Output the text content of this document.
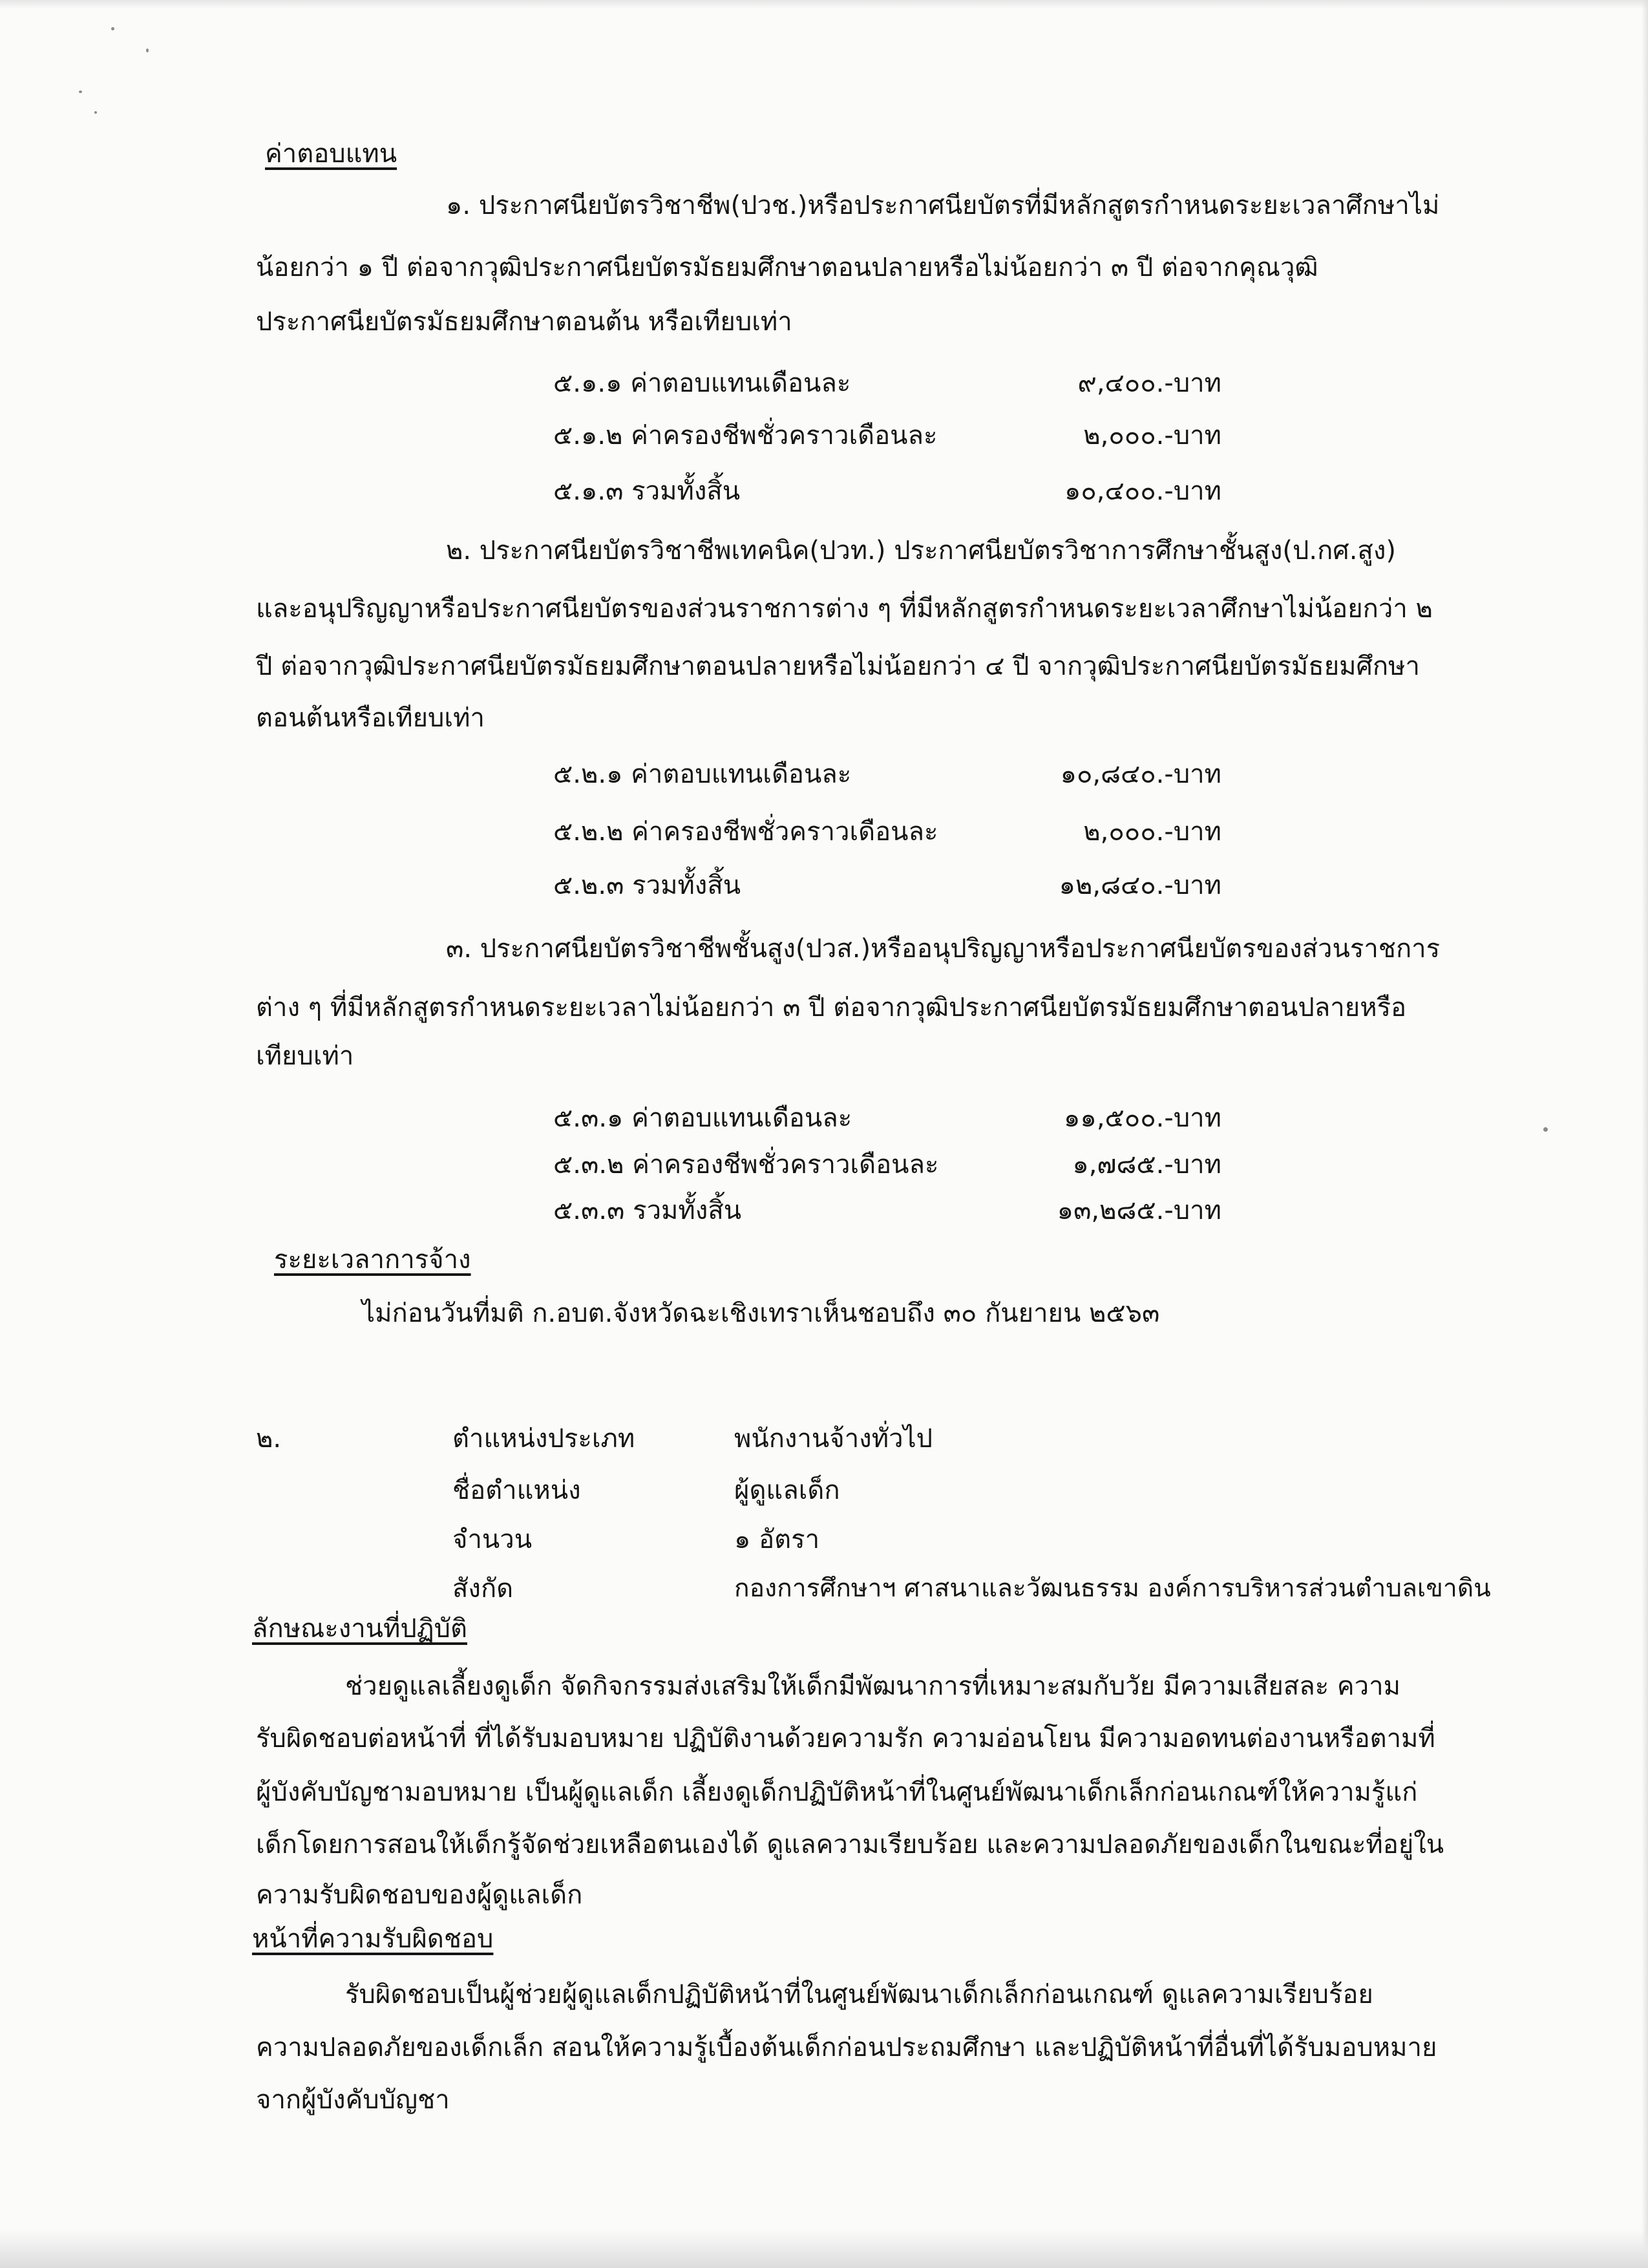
ค่าตอบแทน

๑. ประกาศนียบัตรวิชาชีพ(ปวช.)หรือประกาศนียบัตรที่มีหลักสูตรกำหนดระยะเวลาศึกษาไม่

น้อยกว่า ๑ ปี ต่อจากวุฒิประกาศนียบัตรมัธยมศึกษาตอนปลายหรือไม่น้อยกว่า ๓ ปี ต่อจากคุณวุฒิ

ประกาศนียบัตรมัธยมศึกษาตอนต้น หรือเทียบเท่า

๕.๑.๑ ค่าตอบแทนเดือนละ	๙,๔๐๐.-บาท

๕.๑.๒ ค่าครองชีพชั่วคราวเดือนละ	๒,๐๐๐.-บาท

๕.๑.๓ รวมทั้งสิ้น	๑๐,๔๐๐.-บาท

๒. ประกาศนียบัตรวิชาชีพเทคนิค(ปวท.) ประกาศนียบัตรวิชาการศึกษาชั้นสูง(ป.กศ.สูง)

และอนุปริญญาหรือประกาศนียบัตรของส่วนราชการต่าง ๆ ที่มีหลักสูตรกำหนดระยะเวลาศึกษาไม่น้อยกว่า ๒

ปี ต่อจากวุฒิประกาศนียบัตรมัธยมศึกษาตอนปลายหรือไม่น้อยกว่า ๔ ปี จากวุฒิประกาศนียบัตรมัธยมศึกษา

ตอนต้นหรือเทียบเท่า

๕.๒.๑ ค่าตอบแทนเดือนละ	๑๐,๘๔๐.-บาท

๕.๒.๒ ค่าครองชีพชั่วคราวเดือนละ	๒,๐๐๐.-บาท

๕.๒.๓ รวมทั้งสิ้น	๑๒,๘๔๐.-บาท

๓. ประกาศนียบัตรวิชาชีพชั้นสูง(ปวส.)หรืออนุปริญญาหรือประกาศนียบัตรของส่วนราชการ

ต่าง ๆ ที่มีหลักสูตรกำหนดระยะเวลาไม่น้อยกว่า ๓ ปี ต่อจากวุฒิประกาศนียบัตรมัธยมศึกษาตอนปลายหรือ

เทียบเท่า

๕.๓.๑ ค่าตอบแทนเดือนละ	๑๑,๕๐๐.-บาท

๕.๓.๒ ค่าครองชีพชั่วคราวเดือนละ	๑,๗๘๕.-บาท

๕.๓.๓ รวมทั้งสิ้น	๑๓,๒๘๕.-บาท

ระยะเวลาการจ้าง

ไม่ก่อนวันที่มติ ก.อบต.จังหวัดฉะเชิงเทราเห็นชอบถึง ๓๐ กันยายน ๒๕๖๓

๒.	ตำแหน่งประเภท	พนักงานจ้างทั่วไป

ชื่อตำแหน่ง	ผู้ดูแลเด็ก

จำนวน	๑ อัตรา

สังกัด	กองการศึกษาฯ ศาสนาและวัฒนธรรม องค์การบริหารส่วนตำบลเขาดิน

ลักษณะงานที่ปฏิบัติ

ช่วยดูแลเลี้ยงดูเด็ก จัดกิจกรรมส่งเสริมให้เด็กมีพัฒนาการที่เหมาะสมกับวัย มีความเสียสละ ความ

รับผิดชอบต่อหน้าที่ ที่ได้รับมอบหมาย ปฏิบัติงานด้วยความรัก ความอ่อนโยน มีความอดทนต่องานหรือตามที่

ผู้บังคับบัญชามอบหมาย เป็นผู้ดูแลเด็ก เลี้ยงดูเด็กปฏิบัติหน้าที่ในศูนย์พัฒนาเด็กเล็กก่อนเกณฑ์ให้ความรู้แก่

เด็กโดยการสอนให้เด็กรู้จัดช่วยเหลือตนเองได้ ดูแลความเรียบร้อย และความปลอดภัยของเด็กในขณะที่อยู่ใน

ความรับผิดชอบของผู้ดูแลเด็ก

หน้าที่ความรับผิดชอบ

รับผิดชอบเป็นผู้ช่วยผู้ดูแลเด็กปฏิบัติหน้าที่ในศูนย์พัฒนาเด็กเล็กก่อนเกณฑ์ ดูแลความเรียบร้อย

ความปลอดภัยของเด็กเล็ก สอนให้ความรู้เบื้องต้นเด็กก่อนประถมศึกษา และปฏิบัติหน้าที่อื่นที่ได้รับมอบหมาย

จากผู้บังคับบัญชา
